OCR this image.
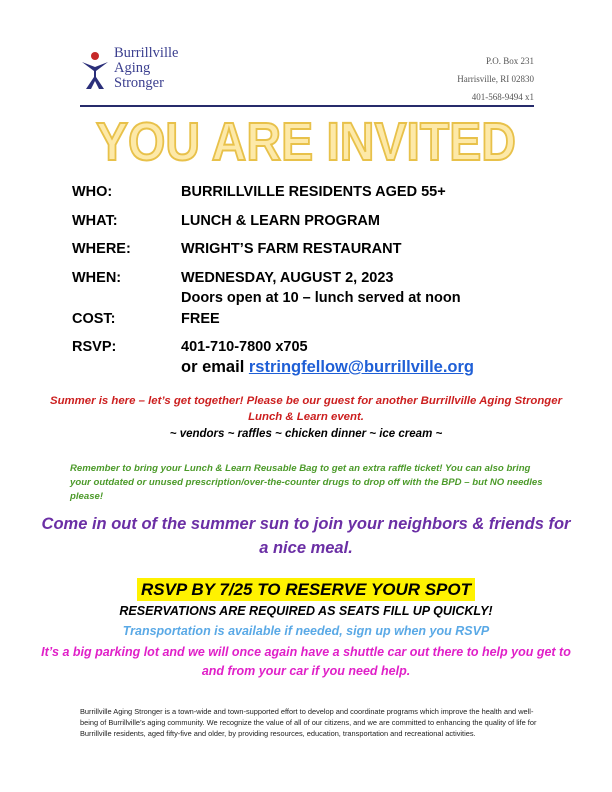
Burrillville
Aging
Stronger
P.O. Box 231
Harrisville, RI 02830
401-568-9494 x1
YOU ARE INVITED
WHO:	BURRILLVILLE RESIDENTS AGED 55+
WHAT:	LUNCH & LEARN PROGRAM
WHERE:	WRIGHT’S FARM RESTAURANT
WHEN:	WEDNESDAY, AUGUST 2, 2023
Doors open at 10 – lunch served at noon
COST:	FREE
RSVP:	401-710-7800 x705
or email rstringfellow@burrillville.org
Summer is here – let’s get together! Please be our guest for another Burrillville Aging Stronger Lunch & Learn event.
~ vendors ~ raffles ~ chicken dinner ~ ice cream ~
Remember to bring your Lunch & Learn Reusable Bag to get an extra raffle ticket! You can also bring your outdated or unused prescription/over-the-counter drugs to drop off with the BPD – but NO needles please!
Come in out of the summer sun to join your neighbors & friends for a nice meal.
RSVP BY 7/25 TO RESERVE YOUR SPOT
RESERVATIONS ARE REQUIRED AS SEATS FILL UP QUICKLY!
Transportation is available if needed, sign up when you RSVP
It’s a big parking lot and we will once again have a shuttle car out there to help you get to and from your car if you need help.
Burrillville Aging Stronger is a town-wide and town-supported effort to develop and coordinate programs which improve the health and well-being of Burrillville’s aging community. We recognize the value of all of our citizens, and we are committed to enhancing the quality of life for Burrillville residents, aged fifty-five and older, by providing resources, education, transportation and recreational activities.
